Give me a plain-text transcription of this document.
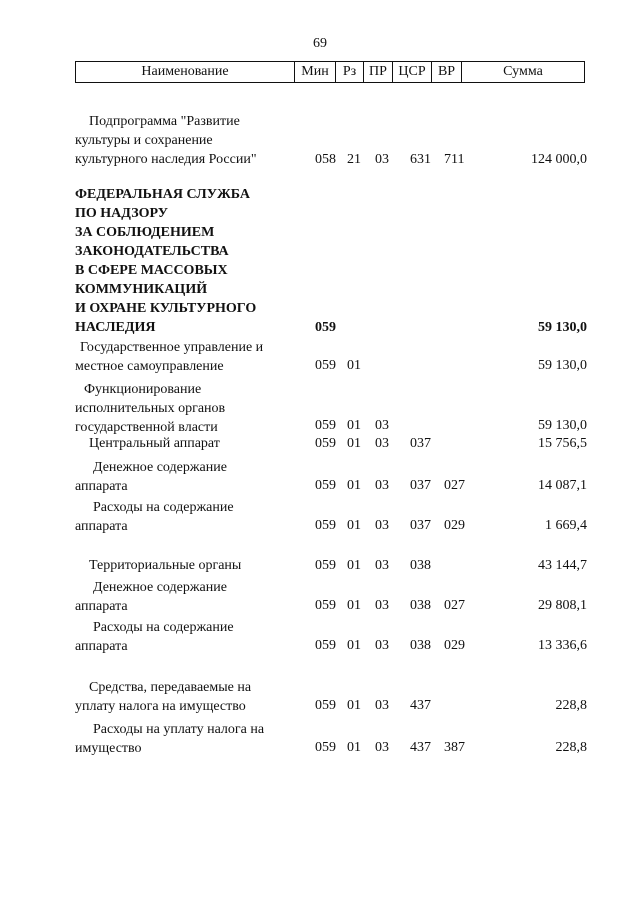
69
Наименование	Мин	Рз	ПР	ЦСР	ВР	Сумма
Подпрограмма "Развитие
культуры и сохранение
культурного наследия России"	058 21 03 631 711	124 000,0
ФЕДЕРАЛЬНАЯ СЛУЖБА
ПО НАДЗОРУ
ЗА СОБЛЮДЕНИЕМ
ЗАКОНОДАТЕЛЬСТВА
В СФЕРЕ МАССОВЫХ
КОММУНИКАЦИЙ
И ОХРАНЕ КУЛЬТУРНОГО
НАСЛЕДИЯ	059	59 130,0
Государственное управление и
местное самоуправление	059 01	59 130,0
Функционирование
исполнительных органов
государственной власти	059 01 03	59 130,0
Центральный аппарат	059 01 03 037	15 756,5
Денежное содержание
аппарата	059 01 03 037 027	14 087,1
Расходы на содержание
аппарата	059 01 03 037 029	1 669,4
Территориальные органы	059 01 03 038	43 144,7
Денежное содержание
аппарата	059 01 03 038 027	29 808,1
Расходы на содержание
аппарата	059 01 03 038 029	13 336,6
Средства, передаваемые на
уплату налога на имущество	059 01 03 437	228,8
Расходы на уплату налога на
имущество	059 01 03 437 387	228,8
